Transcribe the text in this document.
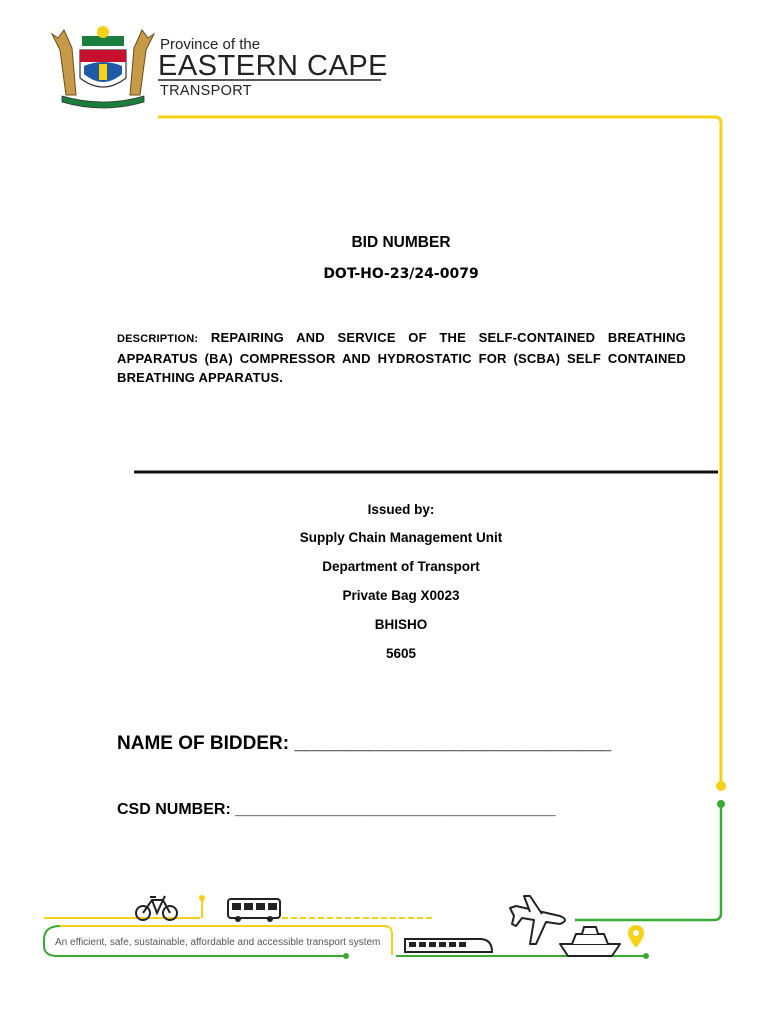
Province of the
EASTERN CAPE
TRANSPORT
BID NUMBER
DOT-HO-23/24-0079
DESCRIPTION: REPAIRING AND SERVICE OF THE SELF-CONTAINED BREATHING APPARATUS (BA) COMPRESSOR AND HYDROSTATIC FOR (SCBA) SELF CONTAINED BREATHING APPARATUS.
Issued by:
Supply Chain Management Unit
Department of Transport
Private Bag X0023
BHISHO
5605
NAME OF BIDDER: ______________________________
CSD NUMBER: ____________________________________
An efficient, safe, sustainable, affordable and accessible transport system
